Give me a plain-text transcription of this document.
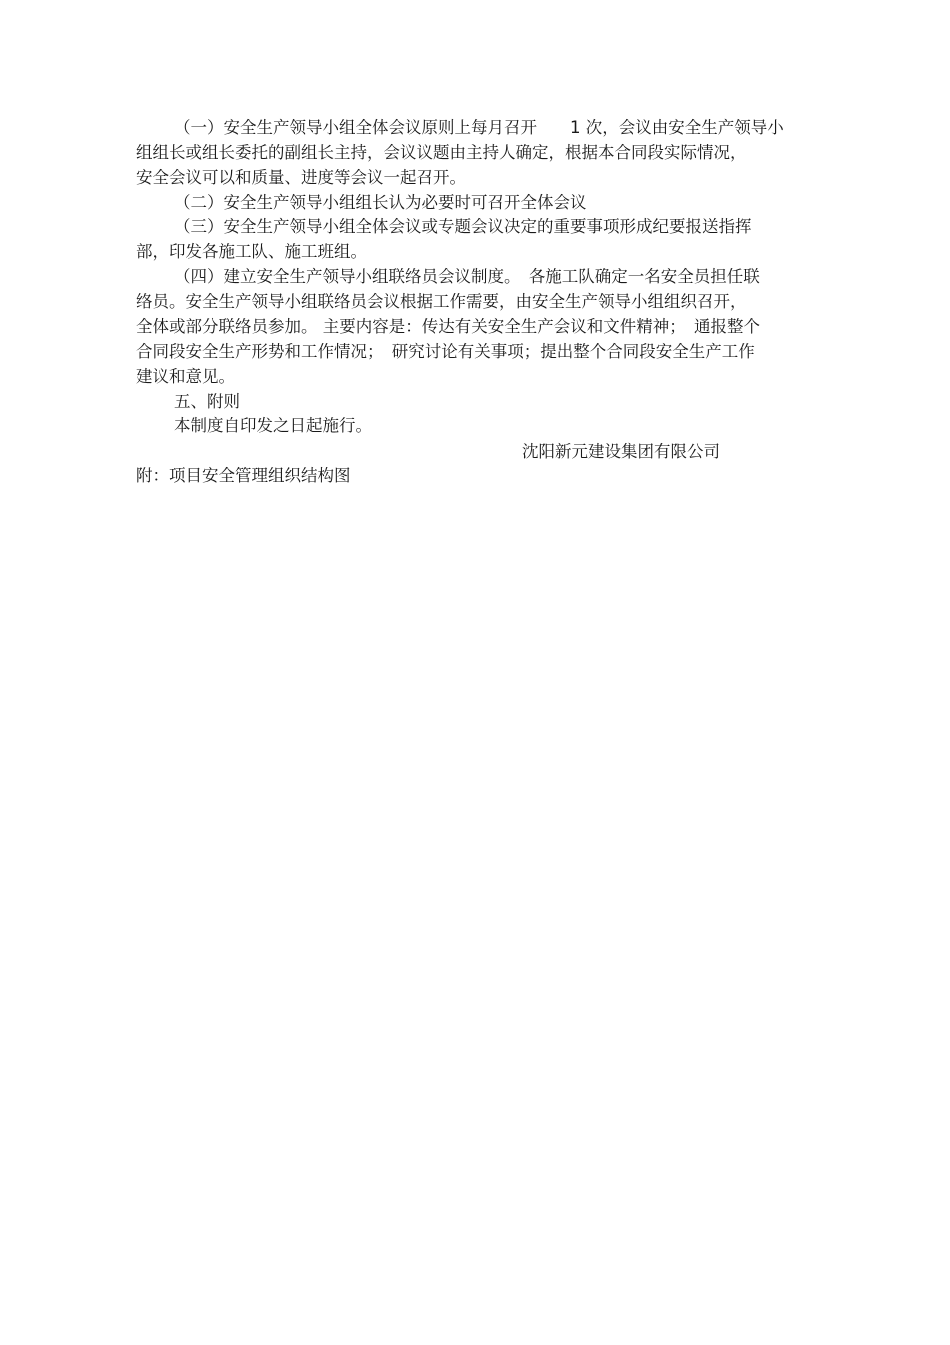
（一）安全生产领导小组全体会议原则上每月召开　　1 次，会议由安全生产领导小
组组长或组长委托的副组长主持，会议议题由主持人确定，根据本合同段实际情况，
安全会议可以和质量、进度等会议一起召开。
（二）安全生产领导小组组长认为必要时可召开全体会议
（三）安全生产领导小组全体会议或专题会议决定的重要事项形成纪要报送指挥
部，印发各施工队、施工班组。
（四）建立安全生产领导小组联络员会议制度。　各施工队确定一名安全员担任联
络员。安全生产领导小组联络员会议根据工作需要，由安全生产领导小组组织召开，
全体或部分联络员参加。 主要内容是：传达有关安全生产会议和文件精神；　通报整个
合同段安全生产形势和工作情况；　研究讨论有关事项；提出整个合同段安全生产工作
建议和意见。
五、附则
本制度自印发之日起施行。
沈阳新元建设集团有限公司
附：项目安全管理组织结构图
